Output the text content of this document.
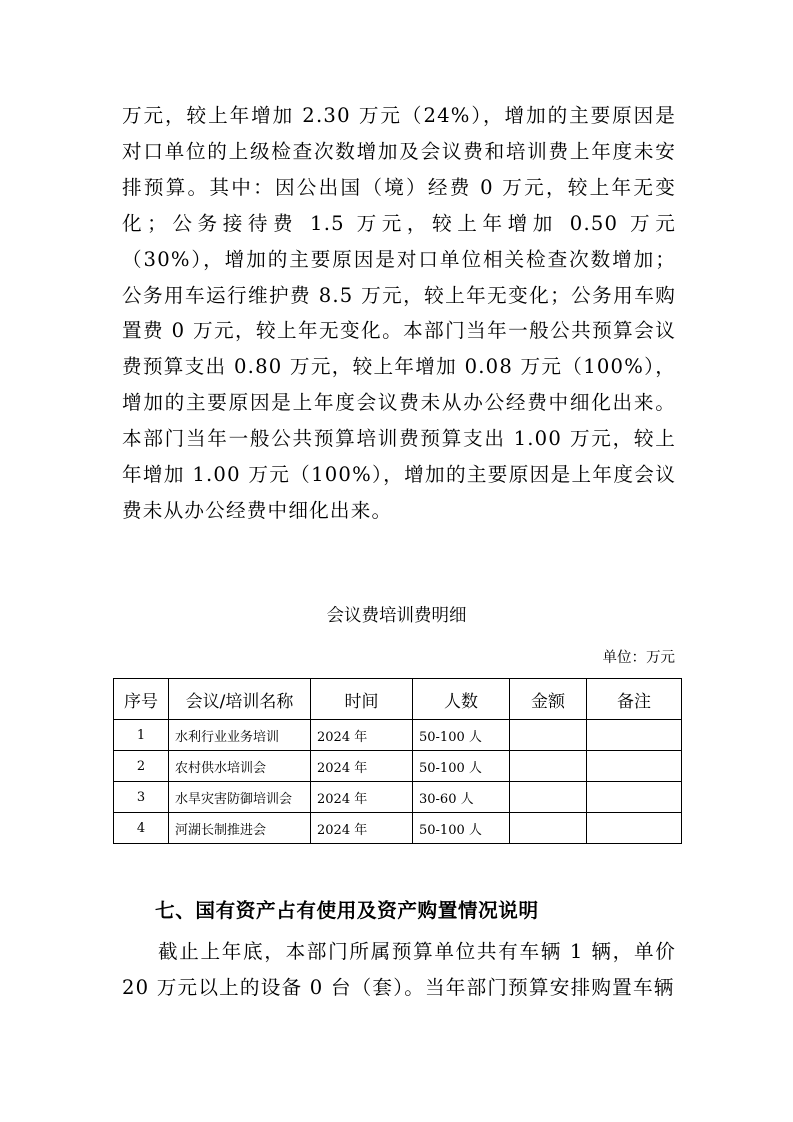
万元，较上年增加 2.30 万元（24%），增加的主要原因是对口单位的上级检查次数增加及会议费和培训费上年度未安排预算。其中：因公出国（境）经费 0 万元，较上年无变化；公务接待费 1.5 万元，较上年增加 0.50 万元（30%），增加的主要原因是对口单位相关检查次数增加；公务用车运行维护费 8.5 万元，较上年无变化；公务用车购置费 0 万元，较上年无变化。本部门当年一般公共预算会议费预算支出 0.80 万元，较上年增加 0.08 万元（100%），增加的主要原因是上年度会议费未从办公经费中细化出来。本部门当年一般公共预算培训费预算支出 1.00 万元，较上年增加 1.00 万元（100%），增加的主要原因是上年度会议费未从办公经费中细化出来。

会议费培训费明细

单位：万元

序号	会议/培训名称	时间	人数	金额	备注
1	水利行业业务培训	2024 年	50-100 人		
2	农村供水培训会	2024 年	50-100 人		
3	水旱灾害防御培训会	2024 年	30-60 人		
4	河湖长制推进会	2024 年	50-100 人		
七、国有资产占有使用及资产购置情况说明

截止上年底，本部门所属预算单位共有车辆 1 辆，单价 20 万元以上的设备 0 台（套）。当年部门预算安排购置车辆
